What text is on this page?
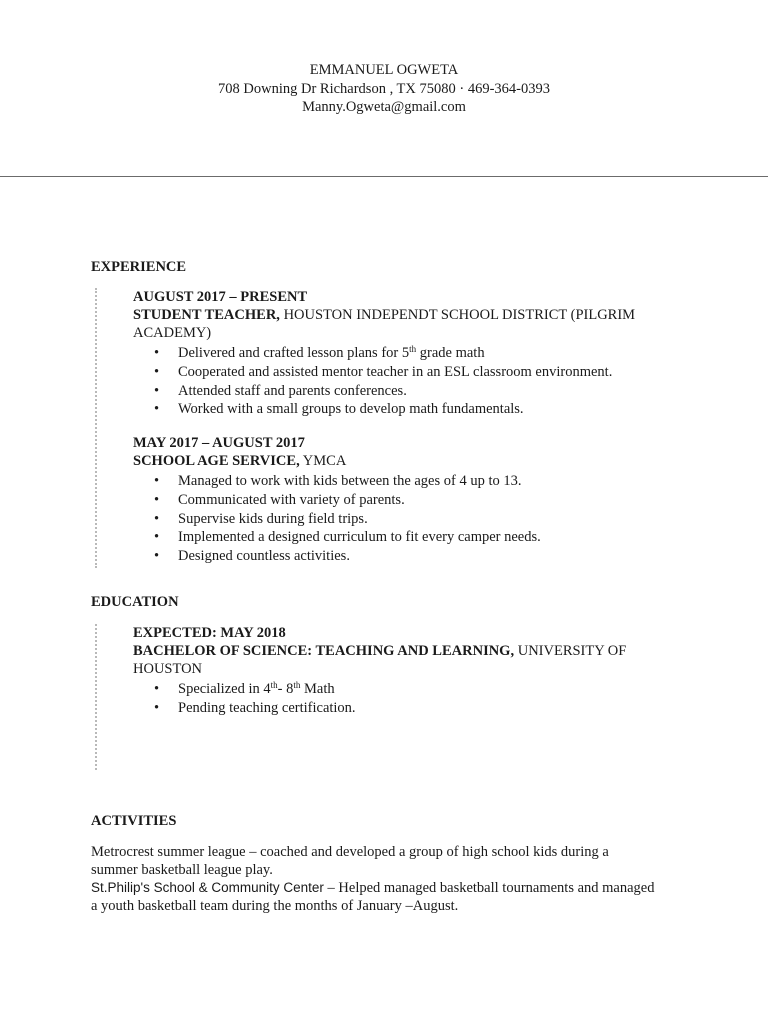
EMMANUEL OGWETA
708 Downing Dr Richardson , TX 75080 · 469-364-0393
Manny.Ogweta@gmail.com
EXPERIENCE
AUGUST 2017 – PRESENT
STUDENT TEACHER, HOUSTON INDEPENDT SCHOOL DISTRICT (PILGRIM
ACADEMY)
• Delivered and crafted lesson plans for 5th grade math
• Cooperated and assisted mentor teacher in an ESL classroom environment.
• Attended staff and parents conferences.
• Worked with a small groups to develop math fundamentals.
MAY 2017 – AUGUST 2017
SCHOOL AGE SERVICE, YMCA
• Managed to work with kids between the ages of 4 up to 13.
• Communicated with variety of parents.
• Supervise kids during field trips.
• Implemented a designed curriculum to fit every camper needs.
• Designed countless activities.
EDUCATION
EXPECTED: MAY 2018
BACHELOR OF SCIENCE: TEACHING AND LEARNING, UNIVERSITY OF
HOUSTON
• Specialized in 4th- 8th Math
• Pending teaching certification.
ACTIVITIES
Metrocrest summer league – coached and developed a group of high school kids during a
summer basketball league play.
St.Philip's School & Community Center – Helped managed basketball tournaments and managed
a youth basketball team during the months of January –August.
